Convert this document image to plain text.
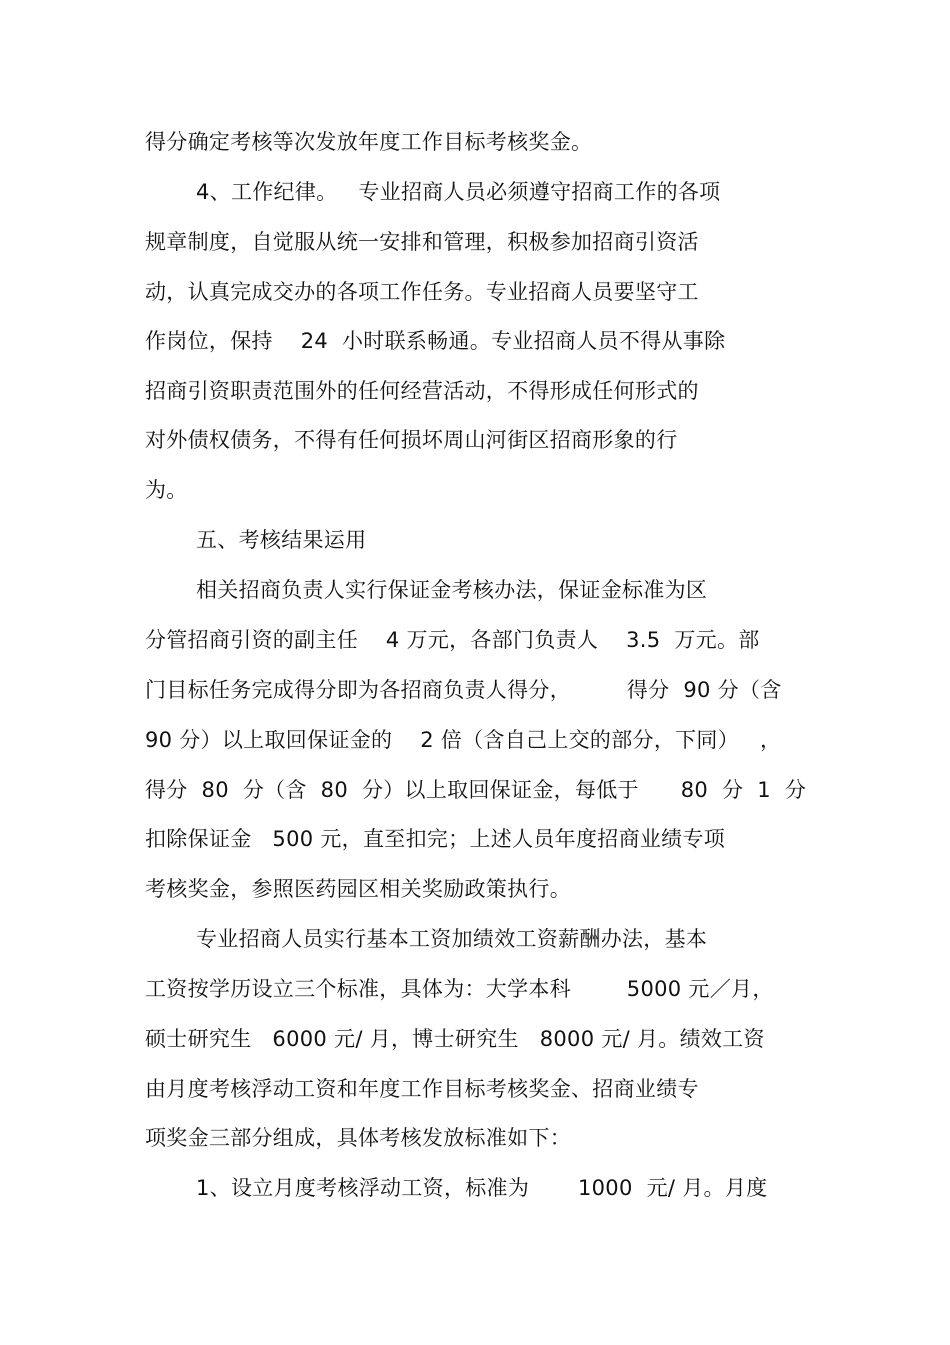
得分确定考核等次发放年度工作目标考核奖金。
4、工作纪律。   专业招商人员必须遵守招商工作的各项
规章制度，自觉服从统一安排和管理，积极参加招商引资活
动，认真完成交办的各项工作任务。专业招商人员要坚守工
作岗位，保持    24  小时联系畅通。专业招商人员不得从事除
招商引资职责范围外的任何经营活动，不得形成任何形式的
对外债权债务，不得有任何损坏周山河街区招商形象的行
为。
五、考核结果运用
相关招商负责人实行保证金考核办法，保证金标准为区
分管招商引资的副主任    4 万元，各部门负责人    3.5  万元。部
门目标任务完成得分即为各招商负责人得分，        得分  90 分（含
90 分）以上取回保证金的    2 倍（含自己上交的部分，下同）   ，
得分  80  分（含  80  分）以上取回保证金，每低于      80  分  1  分
扣除保证金   500 元，直至扣完；上述人员年度招商业绩专项
考核奖金，参照医药园区相关奖励政策执行。
专业招商人员实行基本工资加绩效工资薪酬办法，基本
工资按学历设立三个标准，具体为：大学本科        5000 元／月，
硕士研究生   6000 元/ 月，博士研究生   8000 元/ 月。绩效工资
由月度考核浮动工资和年度工作目标考核奖金、招商业绩专
项奖金三部分组成，具体考核发放标准如下：
1、设立月度考核浮动工资，标准为       1000  元/ 月。月度
